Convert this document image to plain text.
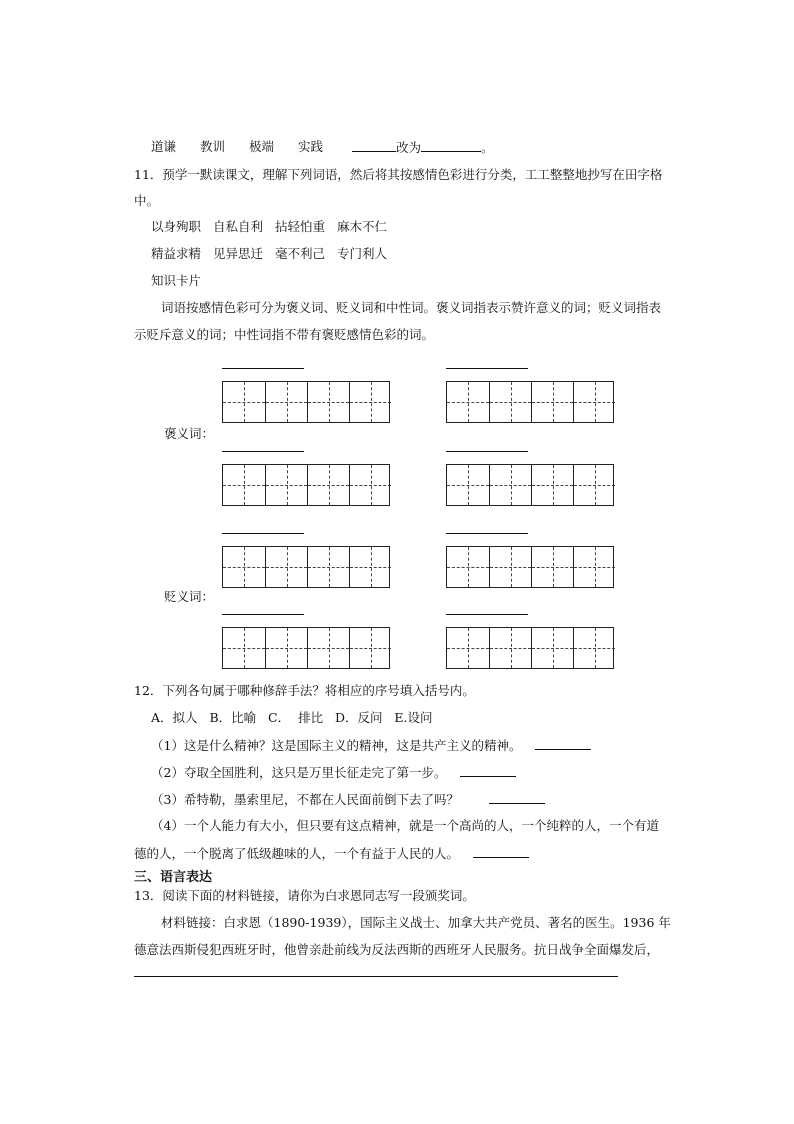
道谦 教训 极端 实践	改为	。
11．预学一默读课文，理解下列词语，然后将其按感情色彩进行分类，工工整整地抄写在田字格
中。
以身殉职 自私自利 拈轻怕重 麻木不仁
精益求精 见异思迁 毫不利己 专门利人
知识卡片
词语按感情色彩可分为褒义词、贬义词和中性词。褒义词指表示赞许意义的词；贬义词指表
示贬斥意义的词；中性词指不带有褒贬感情色彩的词。
褒义词：
贬义词：
12．下列各句属于哪种修辞手法？将相应的序号填入括号内。
A．拟人   B．比喻   C．  排比   D．反问   E.设问
（1）这是什么精神？这是国际主义的精神，这是共产主义的精神。
（2）夺取全国胜利，这只是万里长征走完了第一步。
（3）希特勒，墨索里尼，不都在人民面前倒下去了吗？
（4）一个人能力有大小，但只要有这点精神，就是一个高尚的人，一个纯粹的人，一个有道
德的人，一个脱离了低级趣味的人，一个有益于人民的人。
三、语言表达
13．阅读下面的材料链接，请你为白求恩同志写一段颁奖词。
材料链接：白求恩（1890-1939），国际主义战士、加拿大共产党员、著名的医生。1936 年
德意法西斯侵犯西班牙时，他曾亲赴前线为反法西斯的西班牙人民服务。抗日战争全面爆发后，
